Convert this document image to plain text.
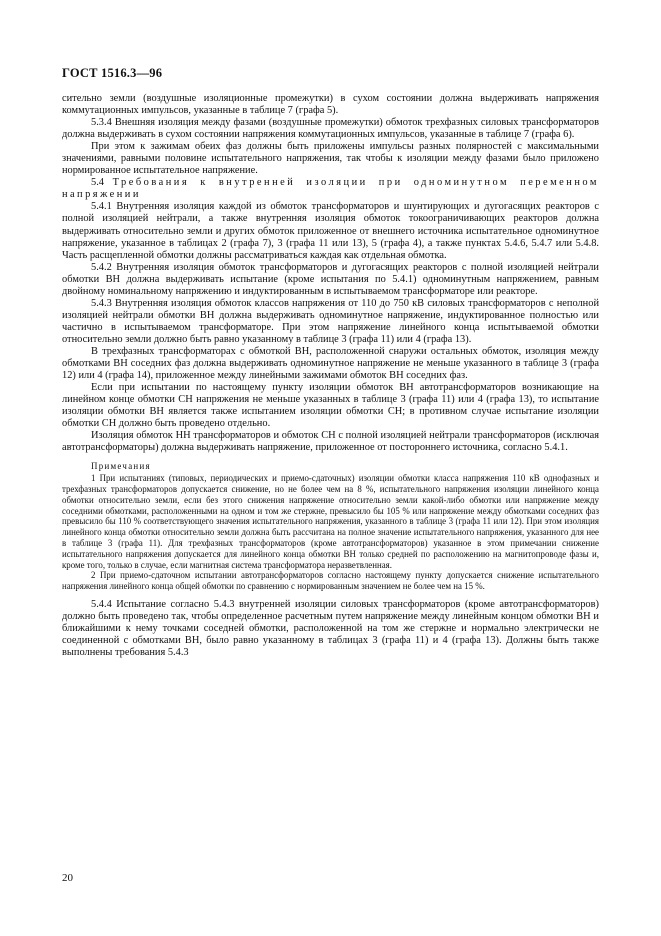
ГОСТ 1516.3—96

сительно земли (воздушные изоляционные промежутки) в сухом состоянии должна выдерживать напряжения коммутационных импульсов, указанные в таблице 7 (графа 5).

5.3.4 Внешняя изоляция между фазами (воздушные промежутки) обмоток трехфазных силовых трансформаторов должна выдерживать в сухом состоянии напряжения коммутационных импульсов, указанные в таблице 7 (графа 6).

При этом к зажимам обеих фаз должны быть приложены импульсы разных полярностей с максимальными значениями, равными половине испытательного напряжения, так чтобы к изоляции между фазами было приложено нормированное испытательное напряжение.

5.4 Требования к внутренней изоляции при одноминутном переменном напряжении

5.4.1 Внутренняя изоляция каждой из обмоток трансформаторов и шунтирующих и дугогасящих реакторов с полной изоляцией нейтрали, а также внутренняя изоляция обмоток токоограничивающих реакторов должна выдерживать относительно земли и других обмоток приложенное от внешнего источника испытательное одноминутное напряжение, указанное в таблицах 2 (графа 7), 3 (графа 11 или 13), 5 (графа 4), а также пунктах 5.4.6, 5.4.7 или 5.4.8. Часть расщепленной обмотки должны рассматриваться каждая как отдельная обмотка.

5.4.2 Внутренняя изоляция обмоток трансформаторов и дугогасящих реакторов с полной изоляцией нейтрали обмотки ВН должна выдерживать испытание (кроме испытания по 5.4.1) одноминутным напряжением, равным двойному номинальному напряжению и индуктированным в испытываемом трансформаторе или реакторе.

5.4.3 Внутренняя изоляция обмоток классов напряжения от 110 до 750 кВ силовых трансформаторов с неполной изоляцией нейтрали обмотки ВН должна выдерживать одноминутное напряжение, индуктированное полностью или частично в испытываемом трансформаторе. При этом напряжение линейного конца испытываемой обмотки относительно земли должно быть равно указанному в таблице 3 (графа 11) или 4 (графа 13).

В трехфазных трансформаторах с обмоткой ВН, расположенной снаружи остальных обмоток, изоляция между обмотками ВН соседних фаз должна выдерживать одноминутное напряжение не меньше указанного в таблице 3 (графа 12) или 4 (графа 14), приложенное между линейными зажимами обмоток ВН соседних фаз.

Если при испытании по настоящему пункту изоляции обмоток ВН автотрансформаторов возникающие на линейном конце обмотки СН напряжения не меньше указанных в таблице 3 (графа 11) или 4 (графа 13), то испытание изоляции обмотки ВН является также испытанием изоляции обмотки СН; в противном случае испытание изоляции обмотки СН должно быть проведено отдельно.

Изоляция обмоток НН трансформаторов и обмоток СН с полной изоляцией нейтрали трансформаторов (исключая автотрансформаторы) должна выдерживать напряжение, приложенное от постороннего источника, согласно 5.4.1.

Примечания

1 При испытаниях (типовых, периодических и приемо-сдаточных) изоляции обмотки класса напряжения 110 кВ однофазных и трехфазных трансформаторов допускается снижение, но не более чем на 8 %, испытательного напряжения изоляции линейного конца обмотки относительно земли, если без этого снижения напряжение относительно земли какой-либо обмотки или напряжение между соседними обмотками, расположенными на одном и том же стержне, превысило бы 105 % или напряжение между обмотками соседних фаз превысило бы 110 % соответствующего значения испытательного напряжения, указанного в таблице 3 (графа 11 или 12). При этом изоляция линейного конца обмотки относительно земли должна быть рассчитана на полное значение испытательного напряжения, указанного для нее в таблице 3 (графа 11). Для трехфазных трансформаторов (кроме автотрансформаторов) указанное в этом примечании снижение испытательного напряжения допускается для линейного конца обмотки ВН только средней по расположению на магнитопроводе фазы и, кроме того, только в случае, если магнитная система трансформатора неразветвленная.

2 При приемо-сдаточном испытании автотрансформаторов согласно настоящему пункту допускается снижение испытательного напряжения линейного конца общей обмотки по сравнению с нормированным значением не более чем на 15 %.

5.4.4 Испытание согласно 5.4.3 внутренней изоляции силовых трансформаторов (кроме автотрансформаторов) должно быть проведено так, чтобы определенное расчетным путем напряжение между линейным концом обмотки ВН и ближайшими к нему точками соседней обмотки, расположенной на том же стержне и нормально электрически не соединенной с обмотками ВН, было равно указанному в таблицах 3 (графа 11) и 4 (графа 13). Должны быть также выполнены требования 5.4.3

20
